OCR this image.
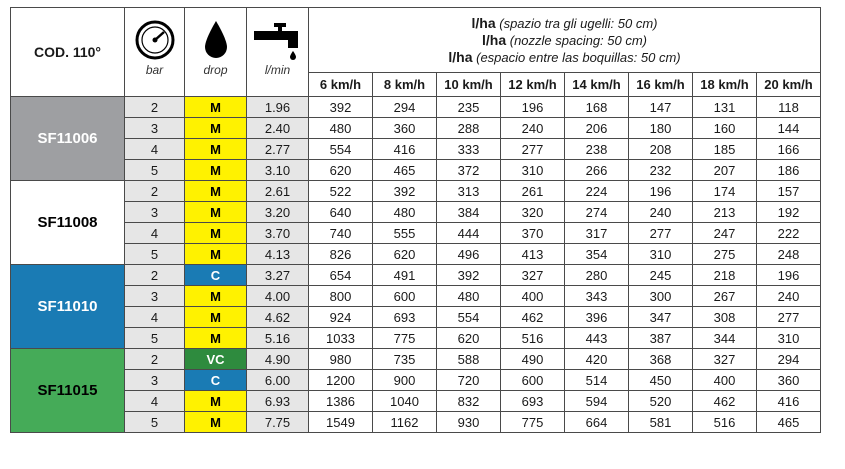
COD. 110°	bar	drop	l/min	l/ha (spazio tra gli ugelli: 50 cm)
l/ha (nozzle spacing: 50 cm)
l/ha (espacio entre las boquillas: 50 cm)							

				6 km/h	8 km/h	10 km/h	12 km/h	14 km/h	16 km/h	18 km/h	20 km/h
SF11006	2	M	1.96	392	294	235	196	168	147	131	118
	3	M	2.40	480	360	288	240	206	180	160	144
	4	M	2.77	554	416	333	277	238	208	185	166
	5	M	3.10	620	465	372	310	266	232	207	186
SF11008	2	M	2.61	522	392	313	261	224	196	174	157
	3	M	3.20	640	480	384	320	274	240	213	192
	4	M	3.70	740	555	444	370	317	277	247	222
	5	M	4.13	826	620	496	413	354	310	275	248
SF11010	2	C	3.27	654	491	392	327	280	245	218	196
	3	M	4.00	800	600	480	400	343	300	267	240
	4	M	4.62	924	693	554	462	396	347	308	277
	5	M	5.16	1033	775	620	516	443	387	344	310
SF11015	2	VC	4.90	980	735	588	490	420	368	327	294
	3	C	6.00	1200	900	720	600	514	450	400	360
	4	M	6.93	1386	1040	832	693	594	520	462	416
	5	M	7.75	1549	1162	930	775	664	581	516	465
